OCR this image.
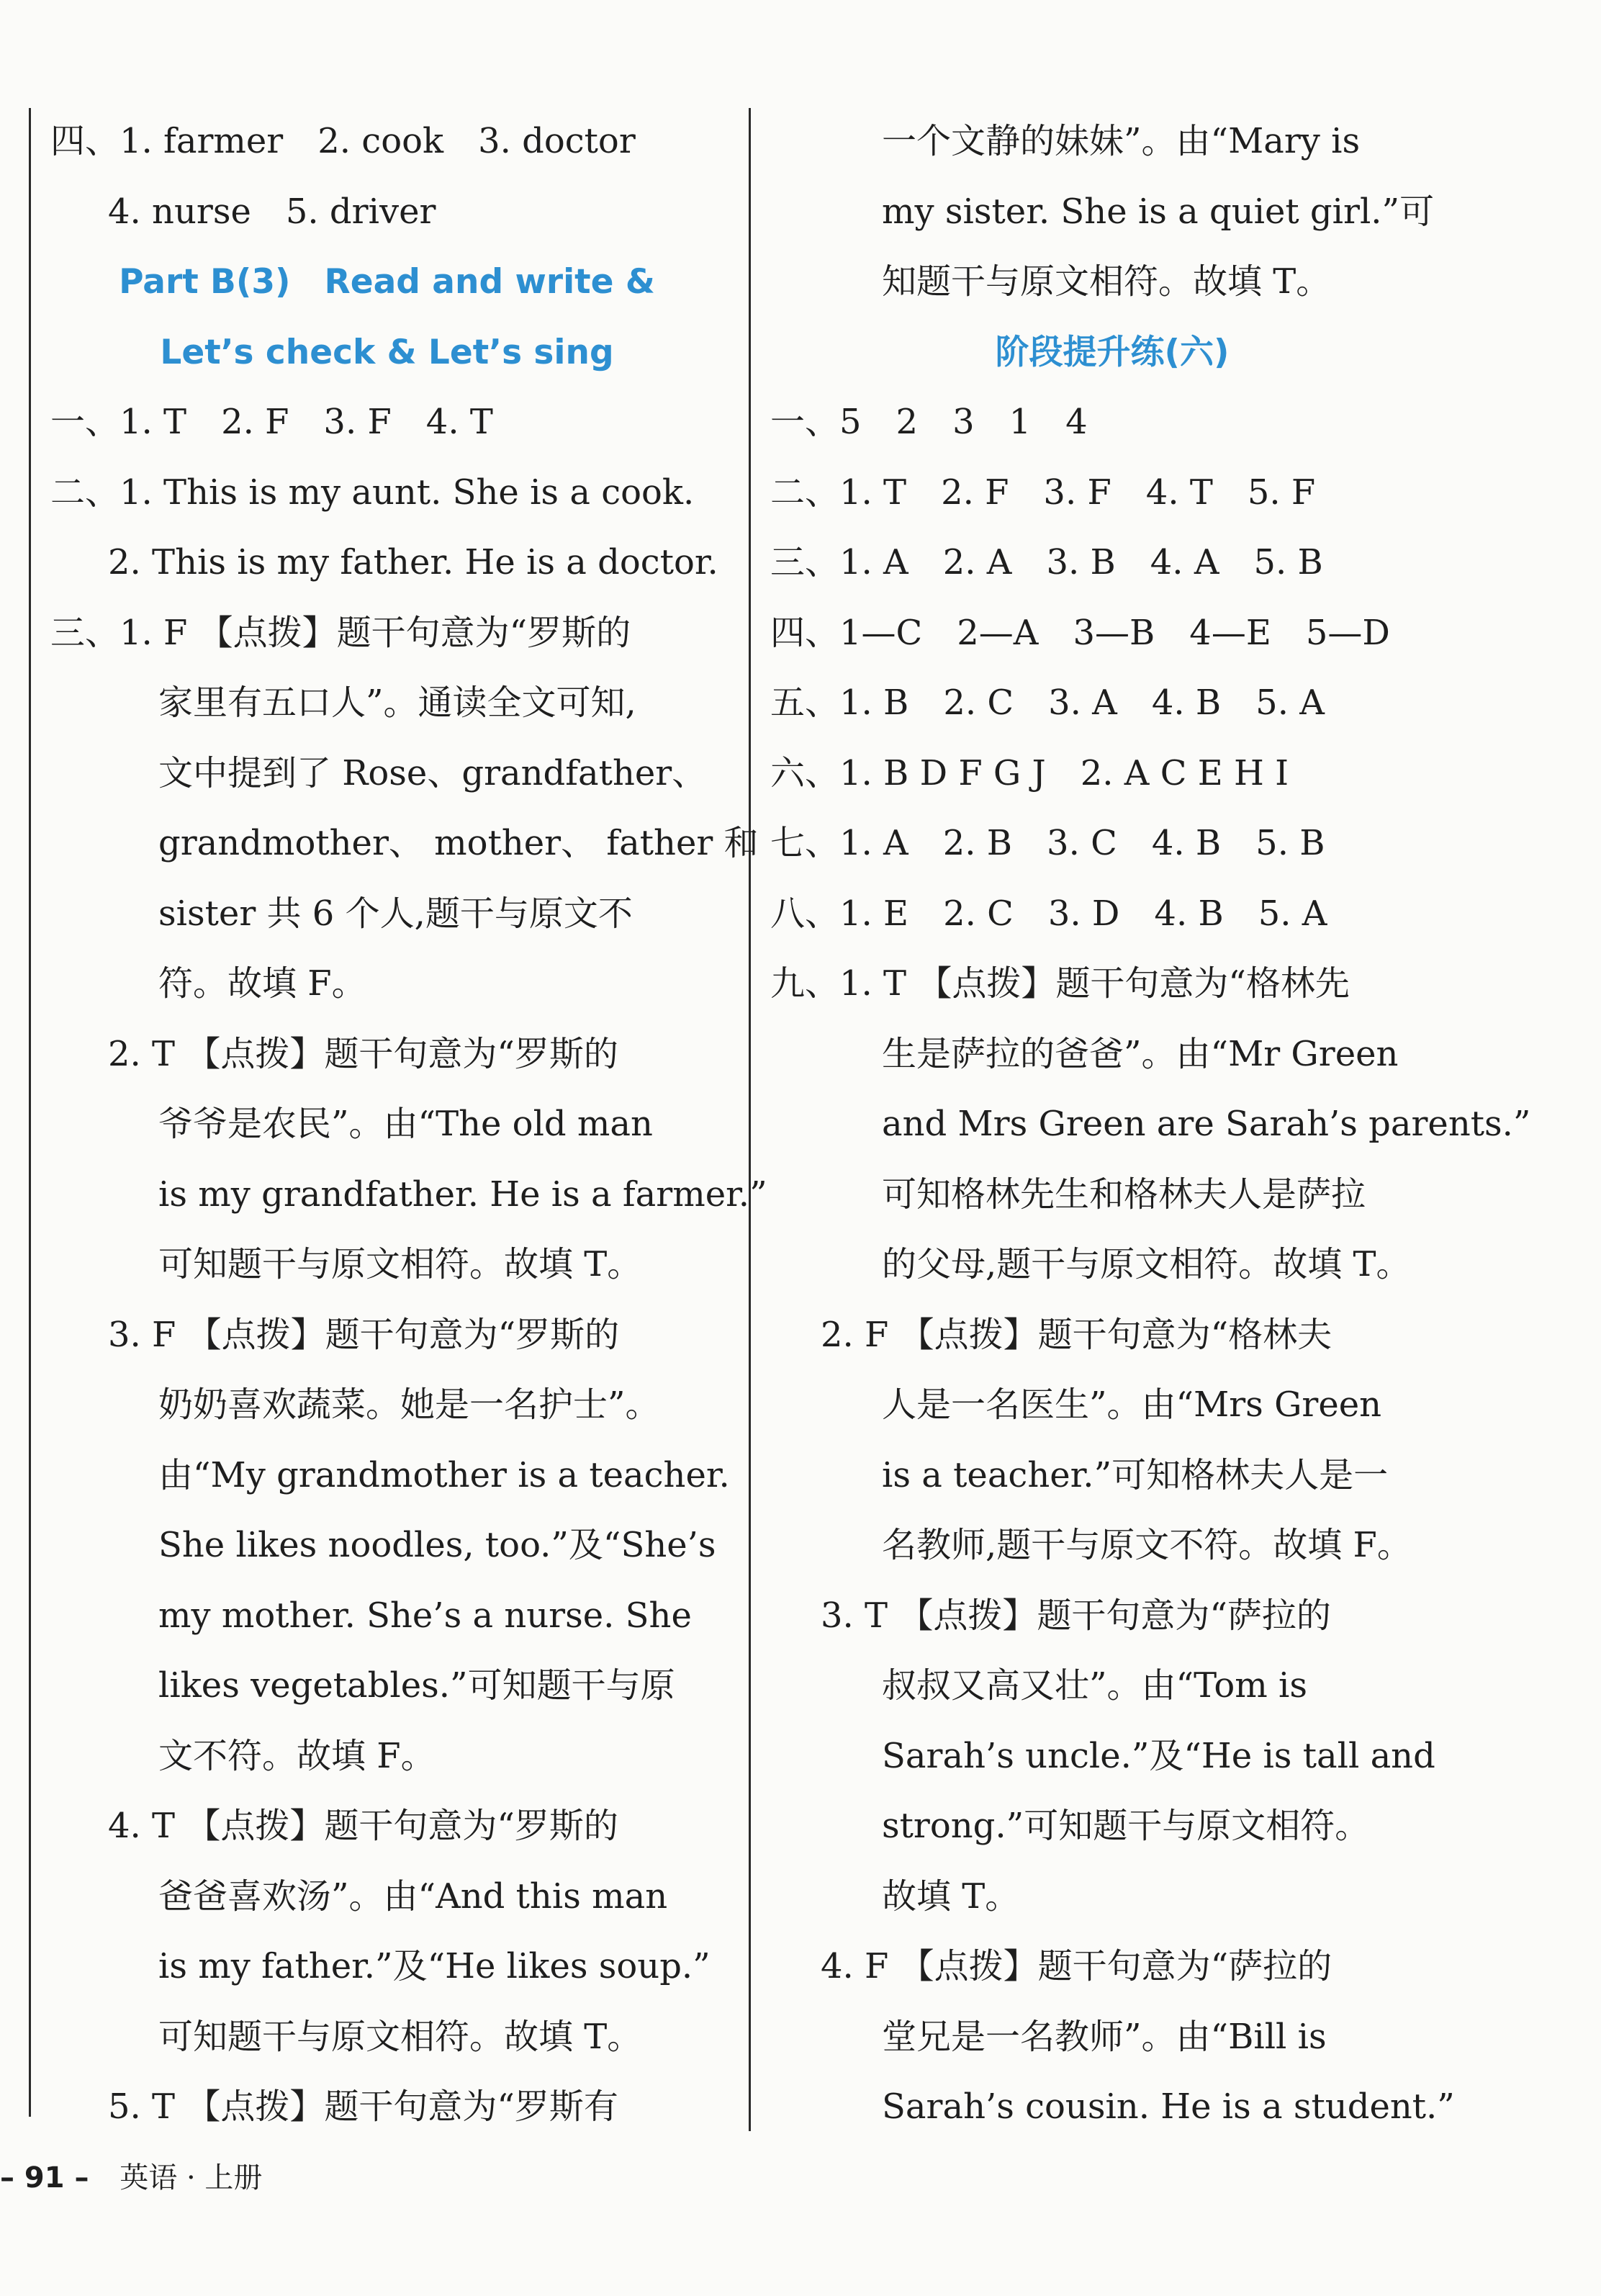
四、1. farmer　2. cook　3. doctor
4. nurse　5. driver
Part B(3)　Read and write &
Let’s check & Let’s sing
一、1. T　2. F　3. F　4. T
二、1. This is my aunt. She is a cook.
2. This is my father. He is a doctor.
三、1. F 【点拨】题干句意为“罗斯的
家里有五口人”。通读全文可知,
文中提到了 Rose、grandfather、
grandmother、 mother、 father 和
sister 共 6 个人,题干与原文不
符。故填 F。
2. T 【点拨】题干句意为“罗斯的
爷爷是农民”。由“The old man
is my grandfather. He is a farmer.”
可知题干与原文相符。故填 T。
3. F 【点拨】题干句意为“罗斯的
奶奶喜欢蔬菜。她是一名护士”。
由“My grandmother is a teacher.
She likes noodles, too.”及“She’s
my mother. She’s a nurse. She
likes vegetables.”可知题干与原
文不符。故填 F。
4. T 【点拨】题干句意为“罗斯的
爸爸喜欢汤”。由“And this man
is my father.”及“He likes soup.”
可知题干与原文相符。故填 T。
5. T 【点拨】题干句意为“罗斯有
一个文静的妹妹”。由“Mary is
my sister. She is a quiet girl.”可
知题干与原文相符。故填 T。
阶段提升练(六)
一、5　2　3　1　4
二、1. T　2. F　3. F　4. T　5. F
三、1. A　2. A　3. B　4. A　5. B
四、1—C　2—A　3—B　4—E　5—D
五、1. B　2. C　3. A　4. B　5. A
六、1. B D F G J　2. A C E H I
七、1. A　2. B　3. C　4. B　5. B
八、1. E　2. C　3. D　4. B　5. A
九、1. T 【点拨】题干句意为“格林先
生是萨拉的爸爸”。由“Mr Green
and Mrs Green are Sarah’s parents.”
可知格林先生和格林夫人是萨拉
的父母,题干与原文相符。故填 T。
2. F 【点拨】题干句意为“格林夫
人是一名医生”。由“Mrs Green
is a teacher.”可知格林夫人是一
名教师,题干与原文不符。故填 F。
3. T 【点拨】题干句意为“萨拉的
叔叔又高又壮”。由“Tom is
Sarah’s uncle.”及“He is tall and
strong.”可知题干与原文相符。
故填 T。
4. F 【点拨】题干句意为“萨拉的
堂兄是一名教师”。由“Bill is
Sarah’s cousin. He is a student.”
– 91 – 英语 · 上册
